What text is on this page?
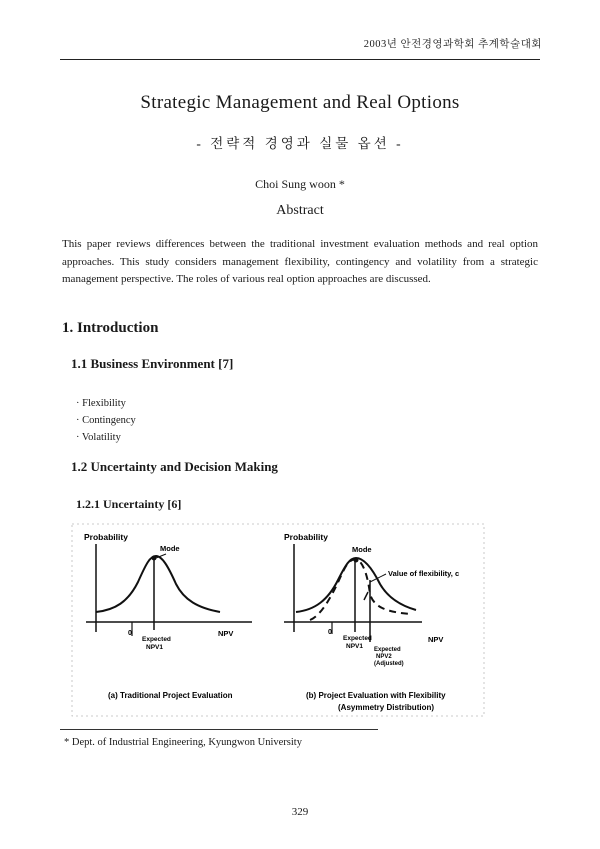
2003년 안전경영과학회 추계학술대회
Strategic Management and Real Options
- 전략적 경영과 실물 옵션 -
Choi Sung woon *
Abstract
This paper reviews differences between the traditional investment evaluation methods and real option approaches. This study considers management flexibility, contingency and volatility from a strategic management perspective. The roles of various real option approaches are discussed.
1. Introduction
1.1 Business Environment [7]
· Flexibility
· Contingency
· Volatility
1.2 Uncertainty and Decision Making
1.2.1 Uncertainty [6]
Probability
Mode
0
Expected
NPV1
NPV
(a) Traditional Project Evaluation
Probability
Mode
Value of flexibility, c
0
Expected
NPV1 Expected
NPV2
(Adjusted)
NPV
(b) Project Evaluation with Flexibility
(Asymmetry Distribution)
* Dept. of Industrial Engineering, Kyungwon University
329
